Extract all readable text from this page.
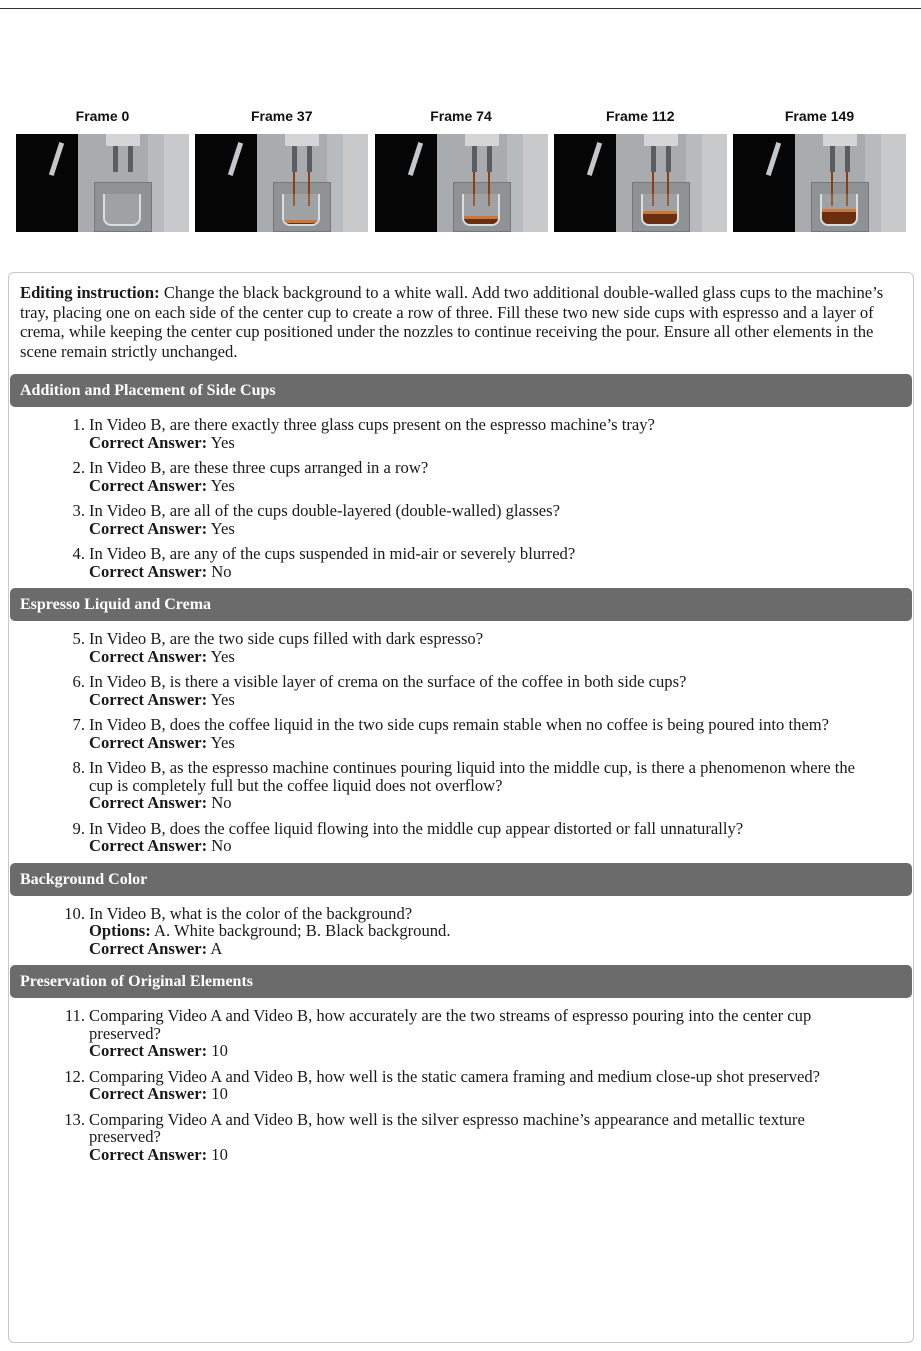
Frame 0	Frame 37	Frame 74	Frame 112	Frame 149
Editing instruction: Change the black background to a white wall. Add two additional double-walled glass cups to the machine’s tray, placing one on each side of the center cup to create a row of three. Fill these two new side cups with espresso and a layer of crema, while keeping the center cup positioned under the nozzles to continue receiving the pour. Ensure all other elements in the scene remain strictly unchanged.
Addition and Placement of Side Cups
1. In Video B, are there exactly three glass cups present on the espresso machine’s tray?
Correct Answer: Yes
2. In Video B, are these three cups arranged in a row?
Correct Answer: Yes
3. In Video B, are all of the cups double-layered (double-walled) glasses?
Correct Answer: Yes
4. In Video B, are any of the cups suspended in mid-air or severely blurred?
Correct Answer: No
Espresso Liquid and Crema
5. In Video B, are the two side cups filled with dark espresso?
Correct Answer: Yes
6. In Video B, is there a visible layer of crema on the surface of the coffee in both side cups?
Correct Answer: Yes
7. In Video B, does the coffee liquid in the two side cups remain stable when no coffee is being poured into them?
Correct Answer: Yes
8. In Video B, as the espresso machine continues pouring liquid into the middle cup, is there a phenomenon where the cup is completely full but the coffee liquid does not overflow?
Correct Answer: No
9. In Video B, does the coffee liquid flowing into the middle cup appear distorted or fall unnaturally?
Correct Answer: No
Background Color
10. In Video B, what is the color of the background?
Options: A. White background; B. Black background.
Correct Answer: A
Preservation of Original Elements
11. Comparing Video A and Video B, how accurately are the two streams of espresso pouring into the center cup preserved?
Correct Answer: 10
12. Comparing Video A and Video B, how well is the static camera framing and medium close-up shot preserved?
Correct Answer: 10
13. Comparing Video A and Video B, how well is the silver espresso machine’s appearance and metallic texture preserved?
Correct Answer: 10
